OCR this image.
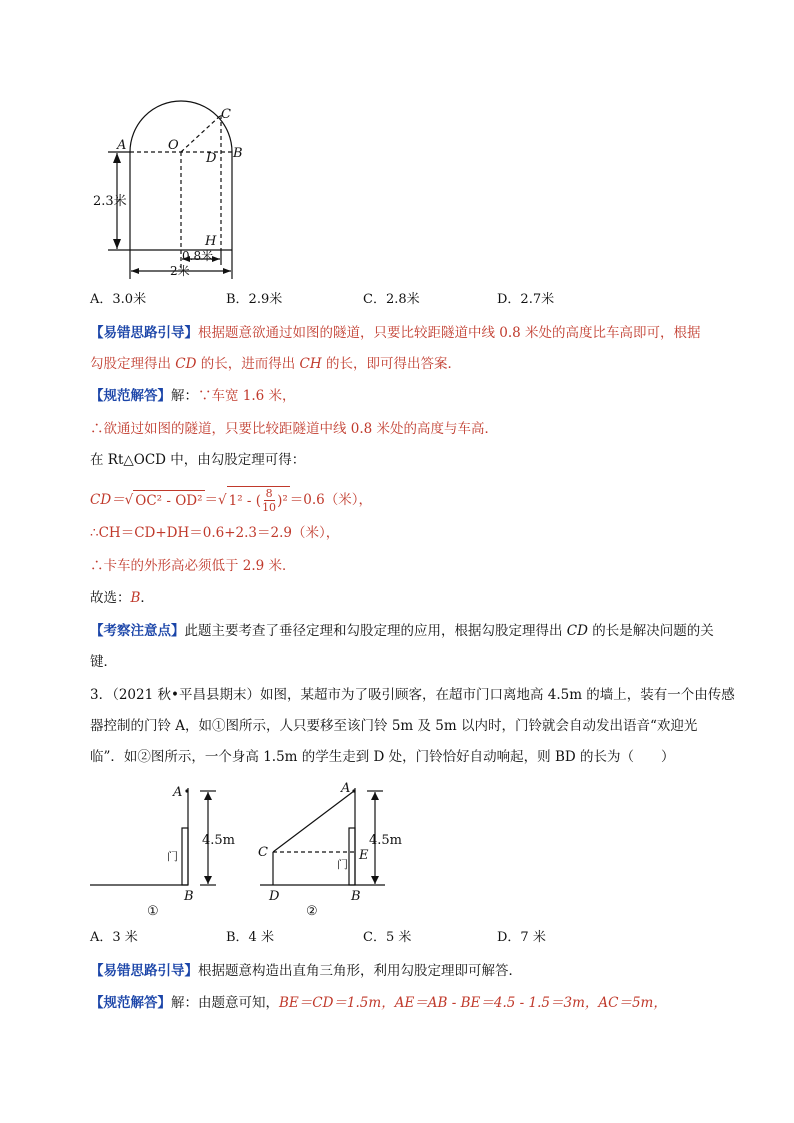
A	O
C
D B
H
2.3米
0.8米
2米
A．3.0米	B．2.9米	C．2.8米	D．2.7米
【易错思路引导】根据题意欲通过如图的隧道，只要比较距隧道中线 0.8 米处的高度比车高即可，根据
勾股定理得出 CD 的长，进而得出 CH 的长，即可得出答案．
【规范解答】解：∵车宽 1.6 米，
∴欲通过如图的隧道，只要比较距隧道中线 0.8 米处的高度与车高．
在 Rt△OCD 中，由勾股定理可得：
CD＝ √ OC² - OD² ＝ √ 1² - ( 8
10 )² ＝0.6（米），
∴CH＝CD+DH＝0.6+2.3＝2.9（米），
∴卡车的外形高必须低于 2.9 米．
故选：B．
【考察注意点】此题主要考查了垂径定理和勾股定理的应用，根据勾股定理得出 CD 的长是解决问题的关
键．
3．（2021 秋•平昌县期末）如图，某超市为了吸引顾客，在超市门口离地高 4.5m 的墙上，装有一个由传感
器控制的门铃 A，如①图所示，人只要移至该门铃 5m 及 5m 以内时，门铃就会自动发出语音“欢迎光
临”．如②图所示，一个身高 1.5m 的学生走到 D 处，门铃恰好自动响起，则 BD 的长为（　　）
A
B
4.5m
门
①
A
B
C
D
E
4.5m
门
②
A．3 米	B．4 米	C．5 米	D．7 米
【易错思路引导】根据题意构造出直角三角形，利用勾股定理即可解答．
【规范解答】解：由题意可知，BE＝CD＝1.5m，AE＝AB - BE＝4.5 - 1.5＝3m，AC＝5m，
